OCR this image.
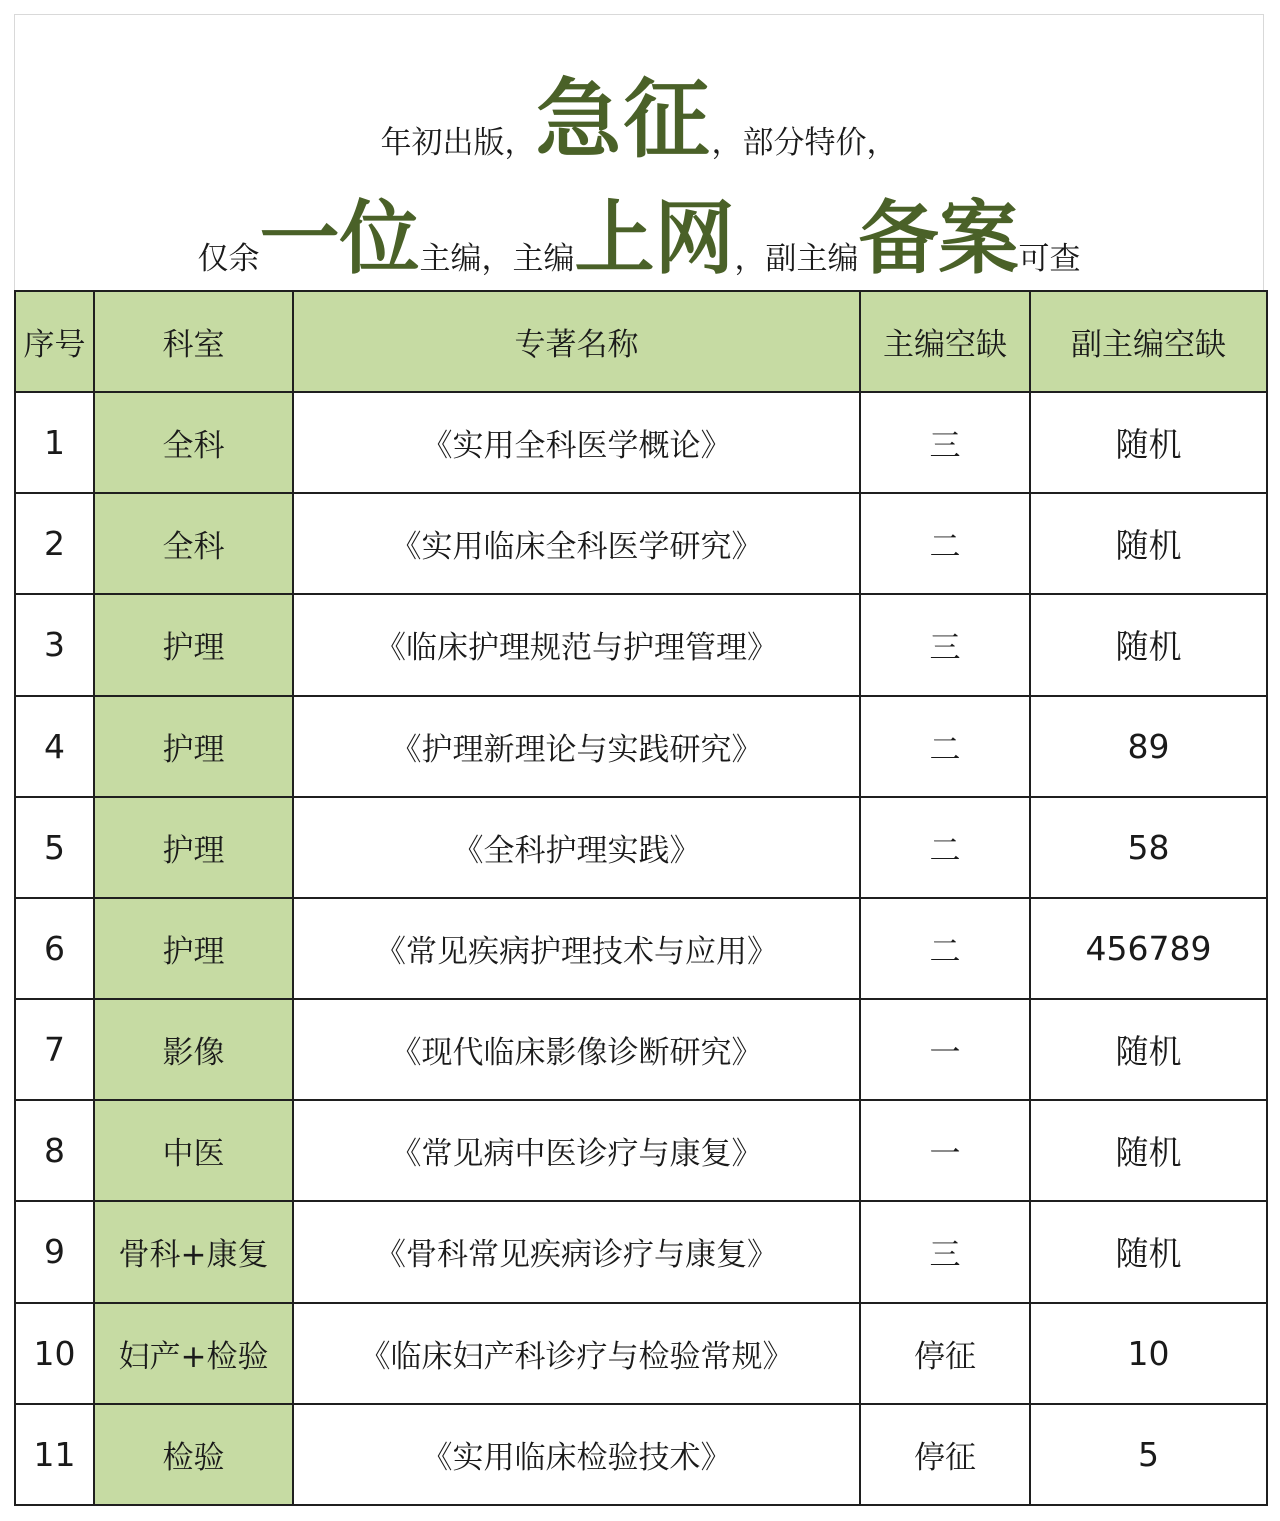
年初出版， 急征 ，部分特价，
仅余 一位 主编，主编 上网 ，副主编 备案 可查
序号	科室	专著名称	主编空缺	副主编空缺
1	全科	《实用全科医学概论》	三	随机
2	全科	《实用临床全科医学研究》	二	随机
3	护理	《临床护理规范与护理管理》	三	随机
4	护理	《护理新理论与实践研究》	二	89
5	护理	《全科护理实践》	二	58
6	护理	《常见疾病护理技术与应用》	二	456789
7	影像	《现代临床影像诊断研究》	一	随机
8	中医	《常见病中医诊疗与康复》	一	随机
9	骨科+康复	《骨科常见疾病诊疗与康复》	三	随机
10	妇产+检验	《临床妇产科诊疗与检验常规》	停征	10
11	检验	《实用临床检验技术》	停征	5
